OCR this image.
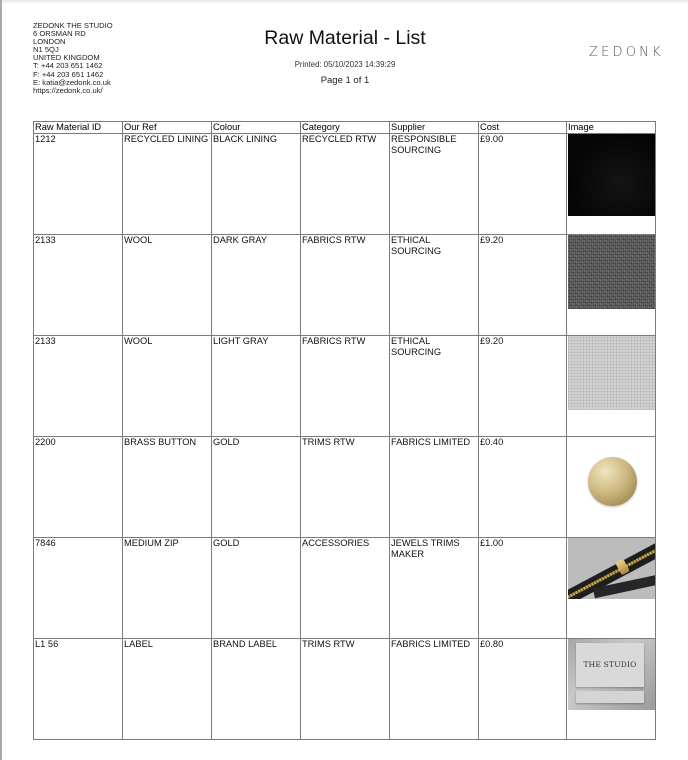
ZEDONK THE STUDIO
6 ORSMAN RD
LONDON
N1 5QJ
UNITED KINGDOM
T: +44 203 651 1462
F: +44 203 651 1462
E: katia@zedonk.co.uk
https://zedonk.co.uk/
Raw Material - List
Printed: 05/10/2023 14:39:29
Page 1 of 1
ZEDONK
Raw Material ID	Our Ref	Colour	Category	Supplier	Cost	Image
1212	RECYCLED LINING	BLACK LINING	RECYCLED RTW	RESPONSIBLE SOURCING	£9.00	

2133	WOOL	DARK GRAY	FABRICS RTW	ETHICAL SOURCING	£9.20	

2133	WOOL	LIGHT GRAY	FABRICS RTW	ETHICAL SOURCING	£9.20	

2200	BRASS BUTTON	GOLD	TRIMS RTW	FABRICS LIMITED	£0.40	

7846	MEDIUM ZIP	GOLD	ACCESSORIES	JEWELS TRIMS MAKER	£1.00	

L1 56	LABEL	BRAND LABEL	TRIMS RTW	FABRICS LIMITED	£0.80	THE STUDIO
